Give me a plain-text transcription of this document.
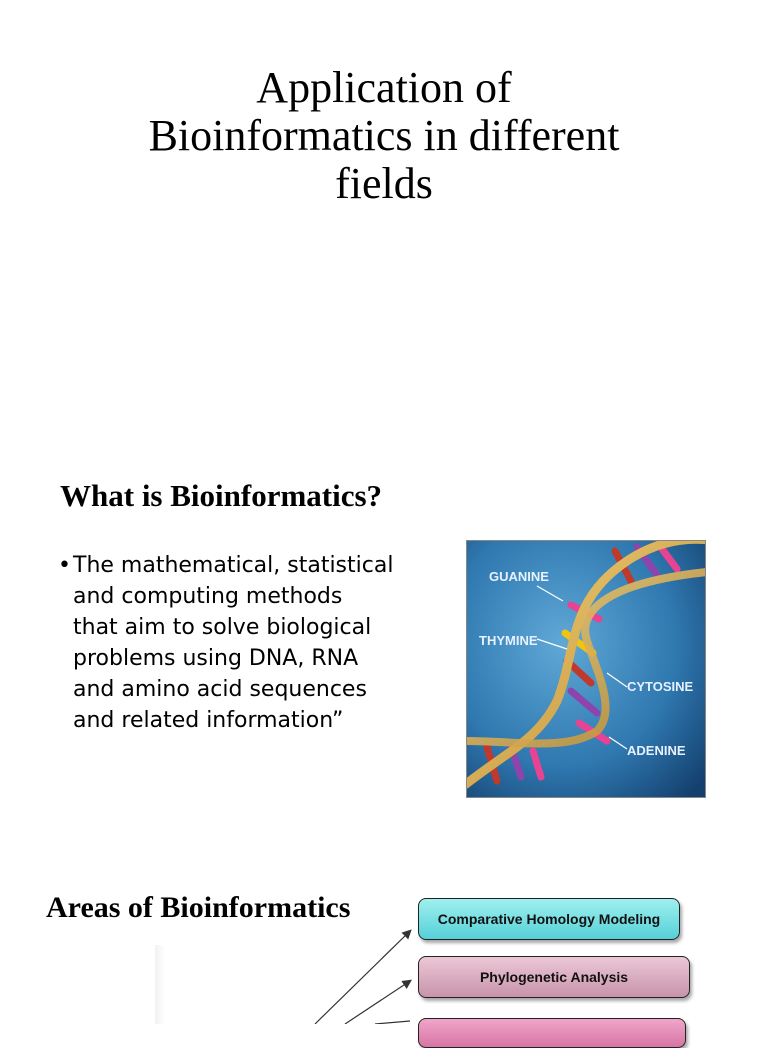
Application of
Bioinformatics in different
fields
What is Bioinformatics?
• The mathematical, statistical
and computing methods
that aim to solve biological
problems using DNA, RNA
and amino acid sequences
and related information”
GUANINE
THYMINE
CYTOSINE
ADENINE
Areas of Bioinformatics	Comparative Homology Modeling
Phylogenetic Analysis
